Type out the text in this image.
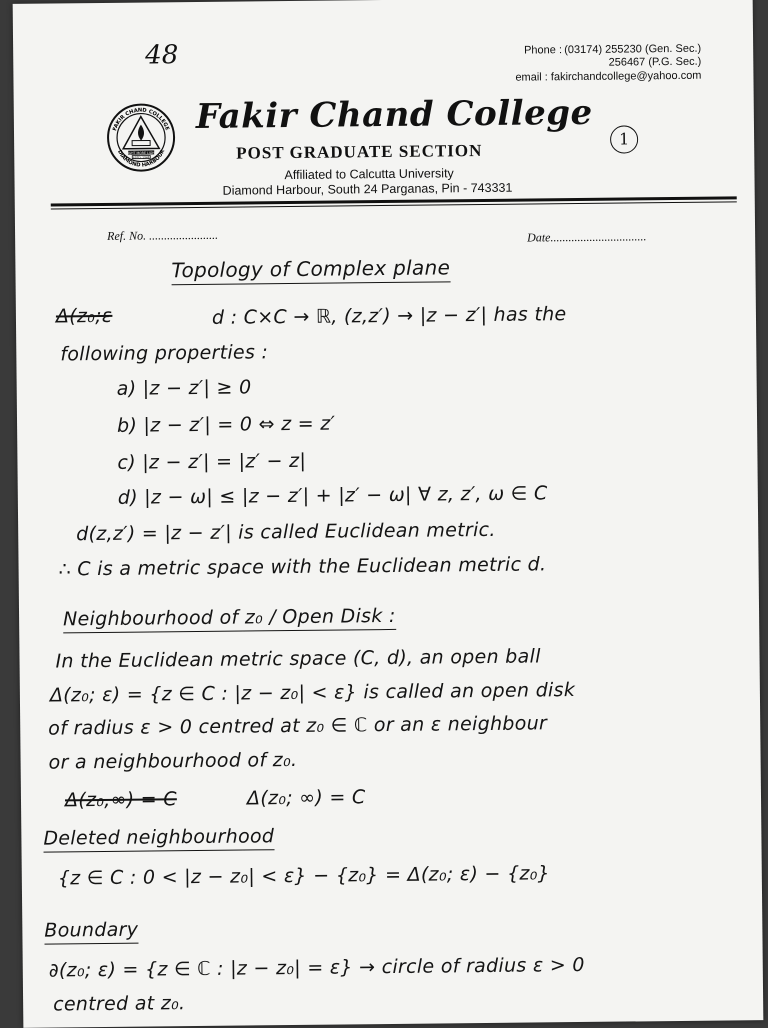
48	Phone : (03174) 255230 (Gen. Sec.)
256467 (P.G. Sec.)
email : fakirchandcollege@yahoo.com
FAKIR CHAND COLLEGE
DIAMOND HARBOUR
LIGHT MORE LIGHT
ESTD. 1948
Fakir Chand College
1
POST GRADUATE SECTION
Affiliated to Calcutta University
Diamond Harbour, South 24 Parganas, Pin - 743331
Ref. No. .......................	Date................................
Topology of Complex plane
Δ(z₀;ε	d : C×C → ℝ, (z,z′) → |z − z′| has the
following properties :
a) |z − z′| ≥ 0
b) |z − z′| = 0 ⇔ z = z′
c) |z − z′| = |z′ − z|
d) |z − ω| ≤ |z − z′| + |z′ − ω| ∀ z, z′, ω ∈ C
d(z,z′) = |z − z′| is called Euclidean metric.
∴ C is a metric space with the Euclidean metric d.
Neighbourhood of z₀ / Open Disk :
In the Euclidean metric space (C, d), an open ball
Δ(z₀; ε) = {z ∈ C : |z − z₀| < ε} is called an open disk
of radius ε > 0 centred at z₀ ∈ ℂ or an ε neighbour
or a neighbourhood of z₀.
Δ(z₀,∞) = C	Δ(z₀; ∞) = C
Deleted neighbourhood
{z ∈ C : 0 < |z − z₀| < ε} − {z₀} = Δ(z₀; ε) − {z₀}
Boundary
∂(z₀; ε) = {z ∈ ℂ : |z − z₀| = ε} → circle of radius ε > 0
centred at z₀.
